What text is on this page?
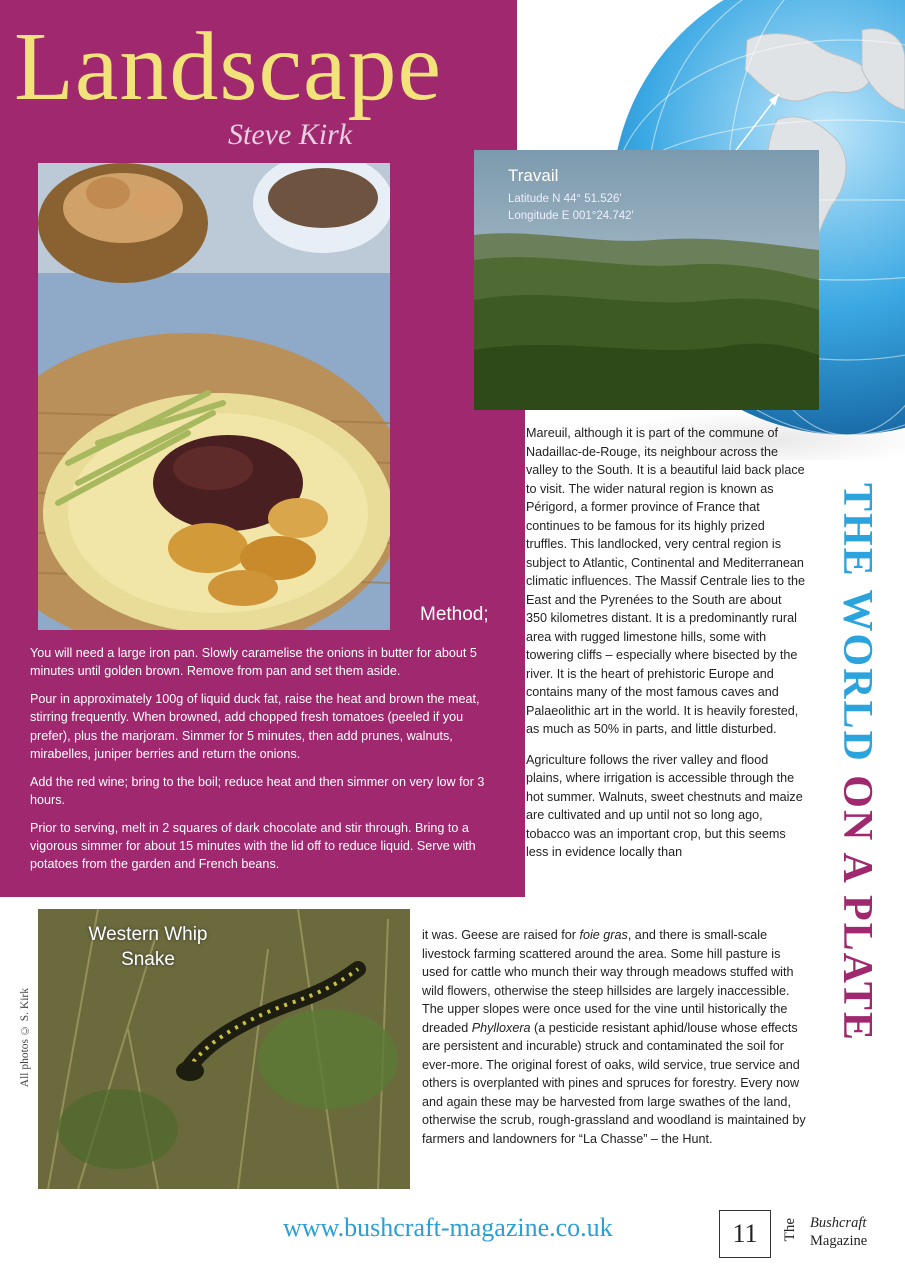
Landscape
Steve Kirk
Travail
Latitude N 44° 51.526'
Longitude E 001°24.742'
Method;

You will need a large iron pan. Slowly caramelise the onions in butter for about 5 minutes until golden brown. Remove from pan and set them aside.

Pour in approximately 100g of liquid duck fat, raise the heat and brown the meat, stirring frequently. When browned, add chopped fresh tomatoes (peeled if you prefer), plus the marjoram. Simmer for 5 minutes, then add prunes, walnuts, mirabelles, juniper berries and return the onions.

Add the red wine; bring to the boil; reduce heat and then simmer on very low for 3 hours.

Prior to serving, melt in 2 squares of dark chocolate and stir through. Bring to a vigorous simmer for about 15 minutes with the lid off to reduce liquid. Serve with potatoes from the garden and French beans.

Mareuil, although it is part of the commune of Nadaillac-de-Rouge, its neighbour across the valley to the South. It is a beautiful laid back place to visit. The wider natural region is known as Périgord, a former province of France that continues to be famous for its highly prized truffles. This landlocked, very central region is subject to Atlantic, Continental and Mediterranean climatic influences. The Massif Centrale lies to the East and the Pyrenées to the South are about 350 kilometres distant. It is a predominantly rural area with rugged limestone hills, some with towering cliffs – especially where bisected by the river. It is the heart of prehistoric Europe and contains many of the most famous caves and Palaeolithic art in the world. It is heavily forested, as much as 50% in parts, and little disturbed.

Agriculture follows the river valley and flood plains, where irrigation is accessible through the hot summer. Walnuts, sweet chestnuts and maize are cultivated and up until not so long ago, tobacco was an important crop, but this seems less in evidence locally than

Western Whip
Snake
it was. Geese are raised for foie gras, and there is small-scale livestock farming scattered around the area. Some hill pasture is used for cattle who munch their way through meadows stuffed with wild flowers, otherwise the steep hillsides are largely inaccessible. The upper slopes were once used for the vine until historically the dreaded Phylloxera (a pesticide resistant aphid/louse whose effects are persistent and incurable) struck and contaminated the soil for ever-more. The original forest of oaks, wild service, true service and others is overplanted with pines and spruces for forestry. Every now and again these may be harvested from large swathes of the land, otherwise the scrub, rough-grassland and woodland is maintained by farmers and landowners for “La Chasse” – the Hunt.
THE WORLD ON A PLATE
All photos © S. Kirk
www.bushcraft-magazine.co.uk	11	The Bushcraft
Magazine
